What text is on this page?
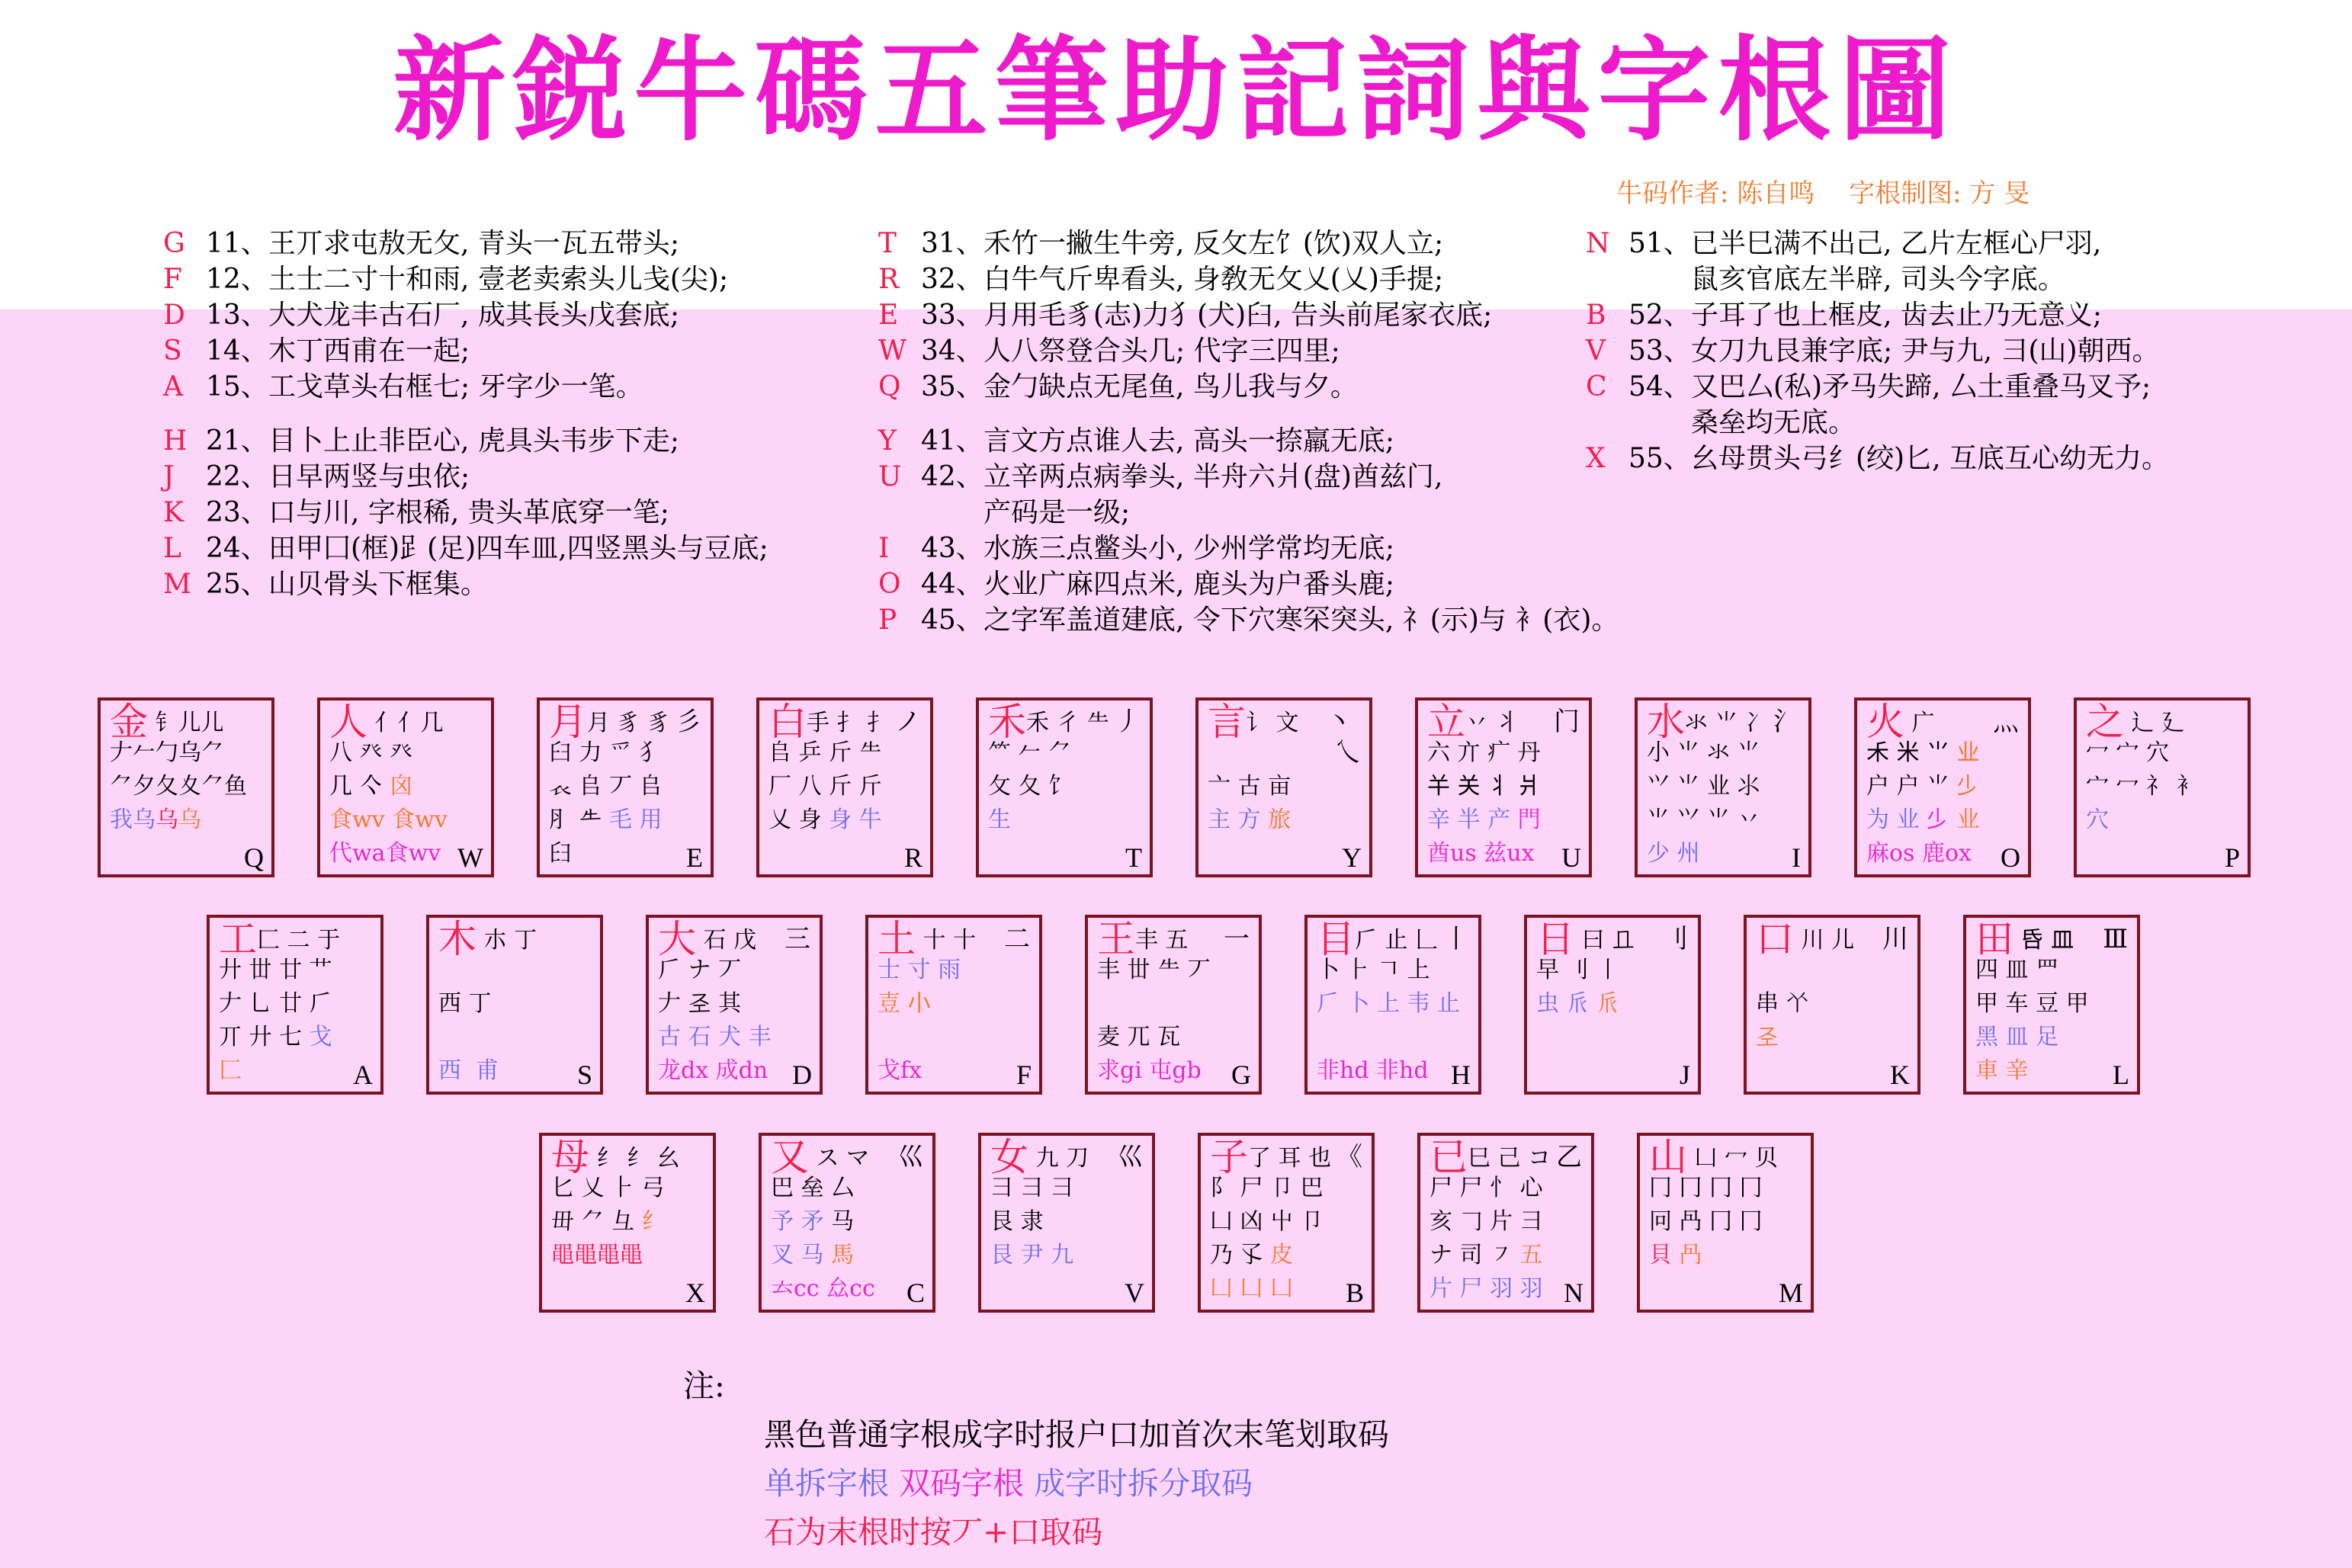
新鋭牛碼五筆助記詞與字根圖
牛码作者: 陈自鸣　 字根制图: 方 旻
G 11、王丌求屯敖无攵, 青头一瓦五带头;
F 12、土士二寸十和雨, 壹老卖索头儿戋(尖);
D 13、大犬龙丰古石厂, 成其長头戊套底;
S 14、木丁西甫在一起;
A 15、工戈草头右框七; 牙字少一笔。
H 21、目卜上止非臣心, 虎具头韦步下走;
J 22、日早两竖与虫依;
K 23、口与川, 字根稀, 贵头革底穿一笔;
L 24、田甲囗(框)𧾷(足)四车皿,四竖黑头与豆底;
M 25、山贝骨头下框集。
T 31、禾竹一撇生牛旁, 反攵左饣(饮)双人立;
R 32、白牛气斤卑看头, 身敎无攵乂(乂)手提;
E 33、月用毛豸(志)力犭(犬)臼, 告头前尾家衣底;
W 34、人八祭登合头几; 代字三四里;
Q 35、金勹缺点无尾鱼, 鸟儿我与夕。
Y 41、言文方点谁人去, 高头一捺羸无底;
U 42、立辛两点病拳头, 半舟六爿(盘)酋兹门,
产码是一级;
I 43、水族三点鳖头小, 少州学常均无底;
O 44、火业广麻四点米, 鹿头为户番头鹿;
P 45、之字军盖道建底, 令下穴寒罙突头, 礻(示)与 衤(衣)。
N 51、已半巳满不出己, 乙片左框心尸羽,
鼠亥官底左半辟, 司头今字底。
B 52、子耳了也上框皮, 齿去止乃无意义;
V 53、女刀九艮兼字底; 尹与九, 彐(山)朝西。
C 54、又巴厶(私)矛马失蹄, 厶土重叠马叉予;
桑垒均无底。
X 55、幺母贯头弓纟(绞)匕, 互底互心幼无力。
金 钅儿儿
𠂇𠂉勹乌⺈
⺈夕夂夊⺈鱼
我乌乌乌
Q
人 亻亻几
八 癶 癶
几 亽 囟
食wv 食wv
代wa食wv W
月月 豸 豸
臼 力 爫 犭
𧘇 𠂤 丆 𠂤
⺼ 𠂒 毛 用
𦥑
彡
E
白手 扌 扌
𠂤 乒 斤 ⺧
厂 八 斤 斤
乂 身 身 牛
ノ
R
禾禾 彳 ⺧
⺮ 𠂉 ⺈
攵 夂 饣
生
丿
T
言讠 文
亠 古 亩
主 方 旅
丶
乀
Y
立丷 丬
六 亣 疒 丹
𢆉 关 丬 爿
辛 半 产 門
酋us 兹ux
门
U
水氺 ⺌ 冫
小 ⺌ 氺 ⺌
⺍ ⺌ 业 ⺢
⺌ 𭕄 ⺌ 丷
少 州
氵
I
火 广
𥝌 米 ⺌ 业
户 户 ⺌ 𣥂
为 业 𣥂 业
麻os 鹿ox
灬
O
之 辶 廴
冖 宀 穴
宀 冖 礻 衤
穴
P
工匚 二 于
廾 丗 廿 艹
𠂇 乚 廿 𠂆
丌 廾 七 戈
匚	A
木 朩 丁
西 丁
西  甫	S
大 石 戊
𠂆 ナ 丆
𠂇 𢀖 其
古 石 犬 丰
龙dx 成dn
三
D
土 十 十
士 寸 雨
壴 𡭔
戈fx
二
F
王丰 五
丰 丗 ⺧ 丆
麦 兀 瓦
求gi 屯gb
一
G
目𠂆 止 𠃊
卜 ⺊ 𠃍 上
𠂆 卜 上 韦 止
非hd 非hd
丨
H
日 曰 𠀃
早 刂 丨
虫 𠂢 𠂢
刂
J
口 川 儿
串 𠁥
𢀖
川
K
田 𠯑 皿
四 皿 罒
甲 车 豆 甲
黑 皿 足
車 𨐌
Ⅲ
L
母 纟 纟 幺
匕 乂 ⺊ 弓
毌 ⺈ 彑 纟
黽黽黽黽
X
又 ス マ
巴 垒 厶
予 矛 马
叉 马 馬
𠫓cc 厽cc
巛
C
女 九 刀
彐 彐 彐
艮 隶
艮 尹 九
巛
V
子了 耳 也
阝 尸 卩 巴
凵 凶 屮 卩
乃 孓 皮
凵 凵 凵
《
B
已巳 己 コ
尸 尸 忄 心
亥 𠃌 片 彐
ナ 司 ㇇ 五
片 尸 羽 羽
乙
N
山 凵 冖 贝
冂 冂 冂 冂
冋 冎 冂 冂
貝 冎
M
注:
黑色普通字根成字时报户口加首次末笔划取码
单拆字根 双码字根 成字时拆分取码
石为末根时按丆+口取码
